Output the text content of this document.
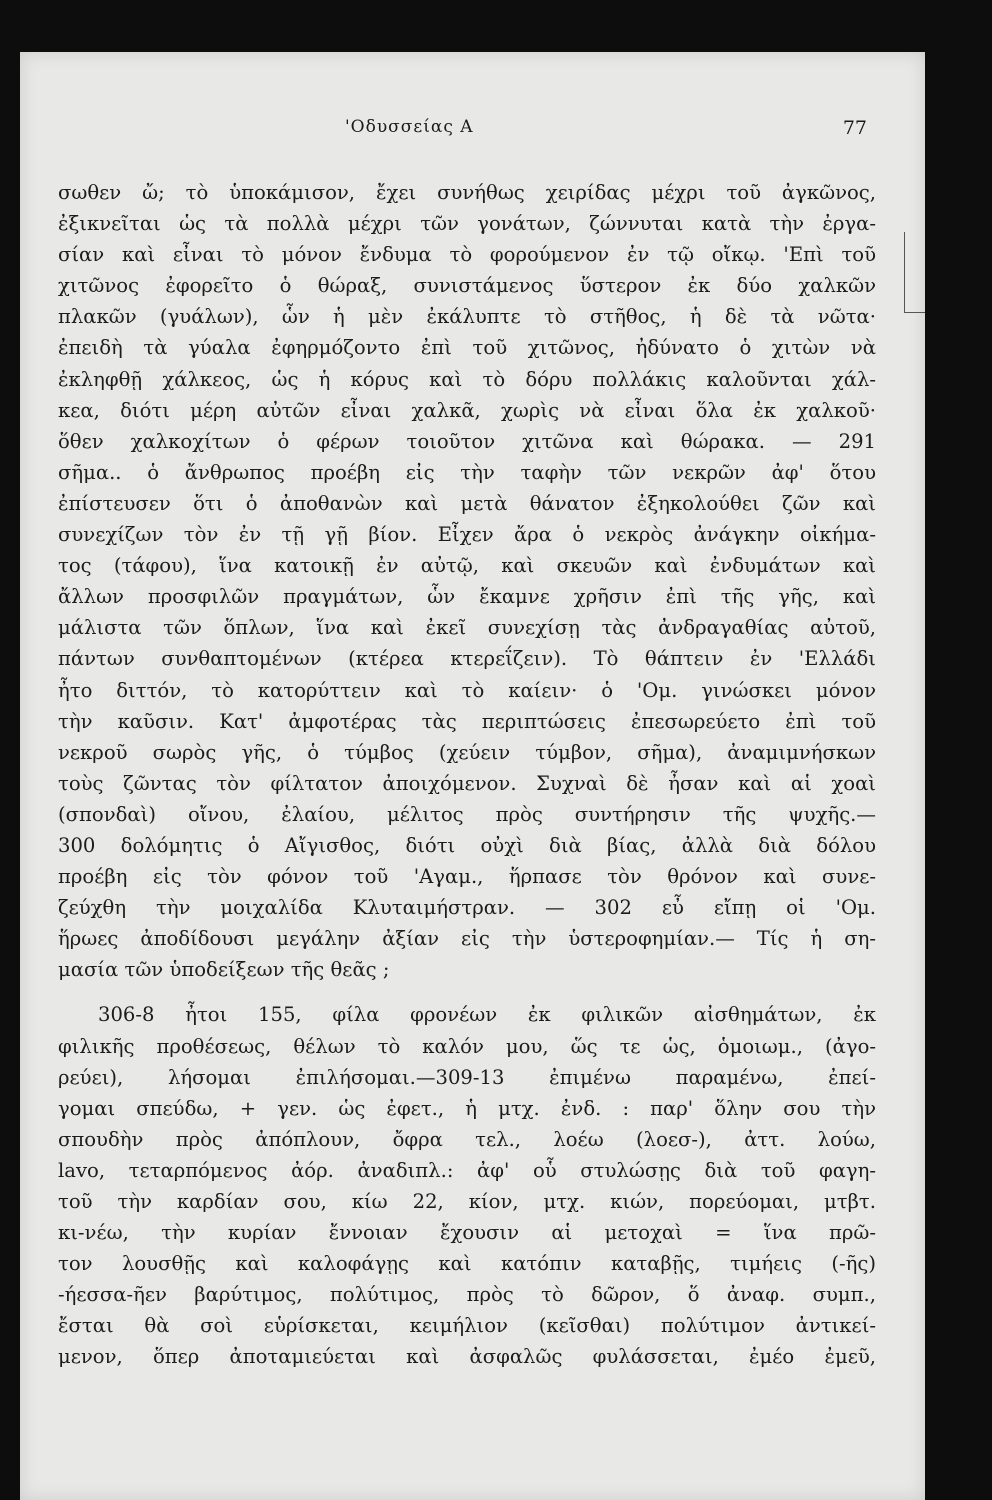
'Οδυσσείας Α	77
σωθεν ὤ; τὸ ὑποκάμισον, ἔχει συνήθως χειρίδας μέχρι τοῦ ἀγκῶνος,
ἐξικνεῖται ὡς τὰ πολλὰ μέχρι τῶν γονάτων, ζώννυται κατὰ τὴν ἐργα-
σίαν καὶ εἶναι τὸ μόνον ἔνδυμα τὸ φορούμενον ἐν τῷ οἴκῳ. 'Επὶ τοῦ
χιτῶνος ἐφορεῖτο ὁ θώραξ, συνιστάμενος ὕστερον ἐκ δύο χαλκῶν
πλακῶν (γυάλων), ὧν ἡ μὲν ἐκάλυπτε τὸ στῆθος, ἡ δὲ τὰ νῶτα·
ἐπειδὴ τὰ γύαλα ἐφηρμόζοντο ἐπὶ τοῦ χιτῶνος, ἠδύνατο ὁ χιτὼν νὰ
ἐκληφθῇ χάλκεος, ὡς ἡ κόρυς καὶ τὸ δόρυ πολλάκις καλοῦνται χάλ-
κεα, διότι μέρη αὐτῶν εἶναι χαλκᾶ, χωρὶς νὰ εἶναι ὅλα ἐκ χαλκοῦ·
ὅθεν χαλκοχίτων ὁ φέρων τοιοῦτον χιτῶνα καὶ θώρακα. — 291
σῆμα.. ὁ ἄνθρωπος προέβη εἰς τὴν ταφὴν τῶν νεκρῶν ἀφ' ὅτου
ἐπίστευσεν ὅτι ὁ ἀποθανὼν καὶ μετὰ θάνατον ἐξηκολούθει ζῶν καὶ
συνεχίζων τὸν ἐν τῇ γῇ βίον. Εἶχεν ἄρα ὁ νεκρὸς ἀνάγκην οἰκήμα-
τος (τάφου), ἵνα κατοικῇ ἐν αὐτῷ, καὶ σκευῶν καὶ ἐνδυμάτων καὶ
ἄλλων προσφιλῶν πραγμάτων, ὧν ἔκαμνε χρῆσιν ἐπὶ τῆς γῆς, καὶ
μάλιστα τῶν ὅπλων, ἵνα καὶ ἐκεῖ συνεχίσῃ τὰς ἀνδραγαθίας αὐτοῦ,
πάντων συνθαπτομένων (κτέρεα κτερεΐζειν). Τὸ θάπτειν ἐν 'Ελλάδι
ἦτο διττόν, τὸ κατορύττειν καὶ τὸ καίειν· ὁ 'Ομ. γινώσκει μόνον
τὴν καῦσιν. Κατ' ἀμφοτέρας τὰς περιπτώσεις ἐπεσωρεύετο ἐπὶ τοῦ
νεκροῦ σωρὸς γῆς, ὁ τύμβος (χεύειν τύμβον, σῆμα), ἀναμιμνήσκων
τοὺς ζῶντας τὸν φίλτατον ἀποιχόμενον. Συχναὶ δὲ ἦσαν καὶ αἱ χοαὶ
(σπονδαὶ) οἴνου, ἐλαίου, μέλιτος πρὸς συντήρησιν τῆς ψυχῆς.—
300 δολόμητις ὁ Αἴγισθος, διότι οὐχὶ διὰ βίας, ἀλλὰ διὰ δόλου
προέβη εἰς τὸν φόνον τοῦ 'Αγαμ., ἥρπασε τὸν θρόνον καὶ συνε-
ζεύχθη τὴν μοιχαλίδα Κλυταιμήστραν. — 302 εὖ εἴπῃ οἱ 'Ομ.
ἥρωες ἀποδίδουσι μεγάλην ἀξίαν εἰς τὴν ὑστεροφημίαν.— Τίς ἡ ση-
μασία τῶν ὑποδείξεων τῆς θεᾶς ;
306-8 ἦτοι 155, φίλα φρονέων ἐκ φιλικῶν αἰσθημάτων, ἐκ
φιλικῆς προθέσεως, θέλων τὸ καλόν μου, ὥς τε ὡς, ὁμοιωμ., (ἀγο-
ρεύει), λήσομαι ἐπιλήσομαι.—309-13 ἐπιμένω παραμένω, ἐπεί-
γομαι σπεύδω, + γεν. ὡς ἐφετ., ἡ μτχ. ἐνδ. : παρ' ὅλην σου τὴν
σπουδὴν πρὸς ἀπόπλουν, ὄφρα τελ., λοέω (λοεσ-), ἀττ. λούω,
lavo, τεταρπόμενος ἀόρ. ἀναδιπλ.: ἀφ' οὗ στυλώσῃς διὰ τοῦ φαγη-
τοῦ τὴν καρδίαν σου, κίω 22, κίον, μτχ. κιών, πορεύομαι, μτβτ.
κι-νέω, τὴν κυρίαν ἔννοιαν ἔχουσιν αἱ μετοχαὶ = ἵνα πρῶ-
τον λουσθῇς καὶ καλοφάγῃς καὶ κατόπιν καταβῇς, τιμήεις (-ῆς)
-ήεσσα-ῆεν βαρύτιμος, πολύτιμος, πρὸς τὸ δῶρον, ὅ ἀναφ. συμπ.,
ἔσται θὰ σοὶ εὑρίσκεται, κειμήλιον (κεῖσθαι) πολύτιμον ἀντικεί-
μενον, ὅπερ ἀποταμιεύεται καὶ ἀσφαλῶς φυλάσσεται, ἐμέο ἐμεῦ,
